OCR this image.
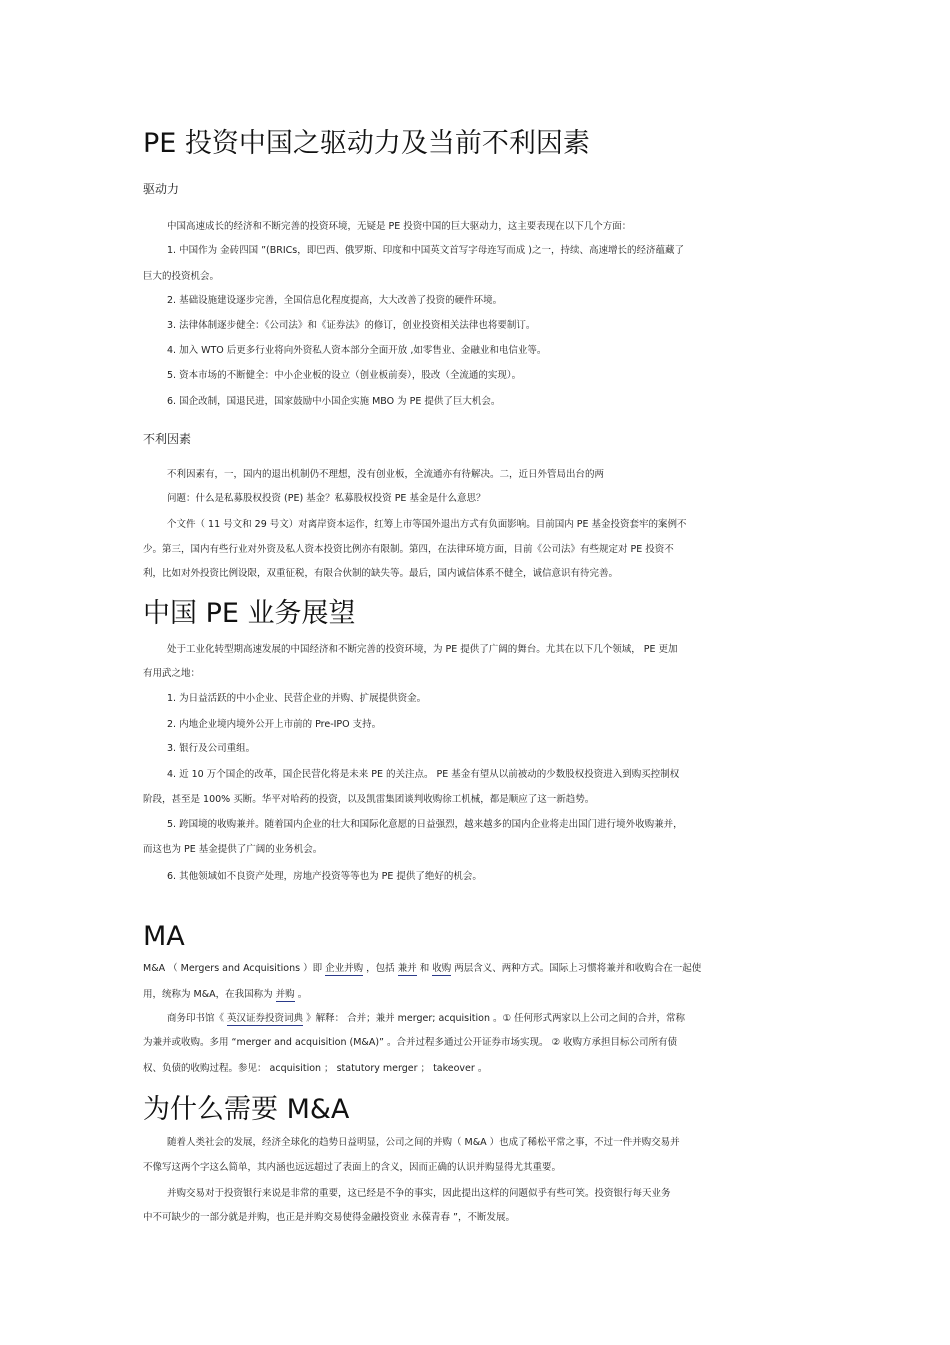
PE 投资中国之驱动力及当前不利因素
驱动力
中国高速成长的经济和不断完善的投资环境，无疑是 PE 投资中国的巨大驱动力，这主要表现在以下几个方面：
1. 中国作为 金砖四国 ”(BRICs，即巴西、俄罗斯、印度和中国英文首写字母连写而成 )之一，持续、高速增长的经济蕴藏了
巨大的投资机会。
2. 基础设施建设逐步完善，全国信息化程度提高，大大改善了投资的硬件环境。
3. 法律体制逐步健全：《公司法》和《证券法》的修订，创业投资相关法律也将要制订。
4. 加入 WTO 后更多行业将向外资私人资本部分全面开放 ,如零售业、金融业和电信业等。
5. 资本市场的不断健全：中小企业板的设立（创业板前奏），股改（全流通的实现）。
6. 国企改制，国退民进，国家鼓励中小国企实施 MBO 为 PE 提供了巨大机会。
不利因素
不利因素有，一，国内的退出机制仍不理想，没有创业板，全流通亦有待解决。二，近日外管局出台的两
问题：什么是私募股权投资 (PE) 基金？私募股权投资 PE 基金是什么意思？
个文件（ 11 号文和 29 号文）对离岸资本运作，红筹上市等国外退出方式有负面影响。目前国内 PE 基金投资套牢的案例不
少。第三，国内有些行业对外资及私人资本投资比例亦有限制。第四，在法律环境方面，目前《公司法》有些规定对 PE 投资不
利，比如对外投资比例设限，双重征税，有限合伙制的缺失等。最后，国内诚信体系不健全，诚信意识有待完善。
中国 PE 业务展望
处于工业化转型期高速发展的中国经济和不断完善的投资环境，为 PE 提供了广阔的舞台。尤其在以下几个领域， PE 更加
有用武之地：
1. 为日益活跃的中小企业、民营企业的并购、扩展提供资金。
2. 内地企业境内境外公开上市前的 Pre-IPO 支持。
3. 银行及公司重组。
4. 近 10 万个国企的改革，国企民营化将是未来 PE 的关注点。 PE 基金有望从以前被动的少数股权投资进入到购买控制权
阶段，甚至是 100% 买断。华平对哈药的投资，以及凯雷集团谈判收购徐工机械，都是顺应了这一新趋势。
5. 跨国境的收购兼并。随着国内企业的壮大和国际化意愿的日益强烈，越来越多的国内企业将走出国门进行境外收购兼并，
而这也为 PE 基金提供了广阔的业务机会。
6. 其他领域如不良资产处理，房地产投资等等也为 PE 提供了绝好的机会。
MA
M&A （ Mergers and Acquisitions ）即 企业并购 ，包括 兼并 和 收购 两层含义、两种方式。国际上习惯将兼并和收购合在一起使
用，统称为 M&A，在我国称为 并购 。
商务印书馆《 英汉证券投资词典 》解释： 合并；兼并 merger; acquisition 。① 任何形式两家以上公司之间的合并，常称
为兼并或收购。多用 “merger and acquisition (M&A)” 。合并过程多通过公开证券市场实现。 ② 收购方承担目标公司所有债
权、负债的收购过程。参见： acquisition ； statutory merger ； takeover 。
为什么需要 M&A
随着人类社会的发展，经济全球化的趋势日益明显，公司之间的并购（ M&A ）也成了稀松平常之事，不过一件并购交易并
不像写这两个字这么简单，其内涵也远远超过了表面上的含义，因而正确的认识并购显得尤其重要。
并购交易对于投资银行来说是非常的重要，这已经是不争的事实，因此提出这样的问题似乎有些可笑。投资银行每天业务
中不可缺少的一部分就是并购，也正是并购交易使得金融投资业 永葆青春 ”，不断发展。
